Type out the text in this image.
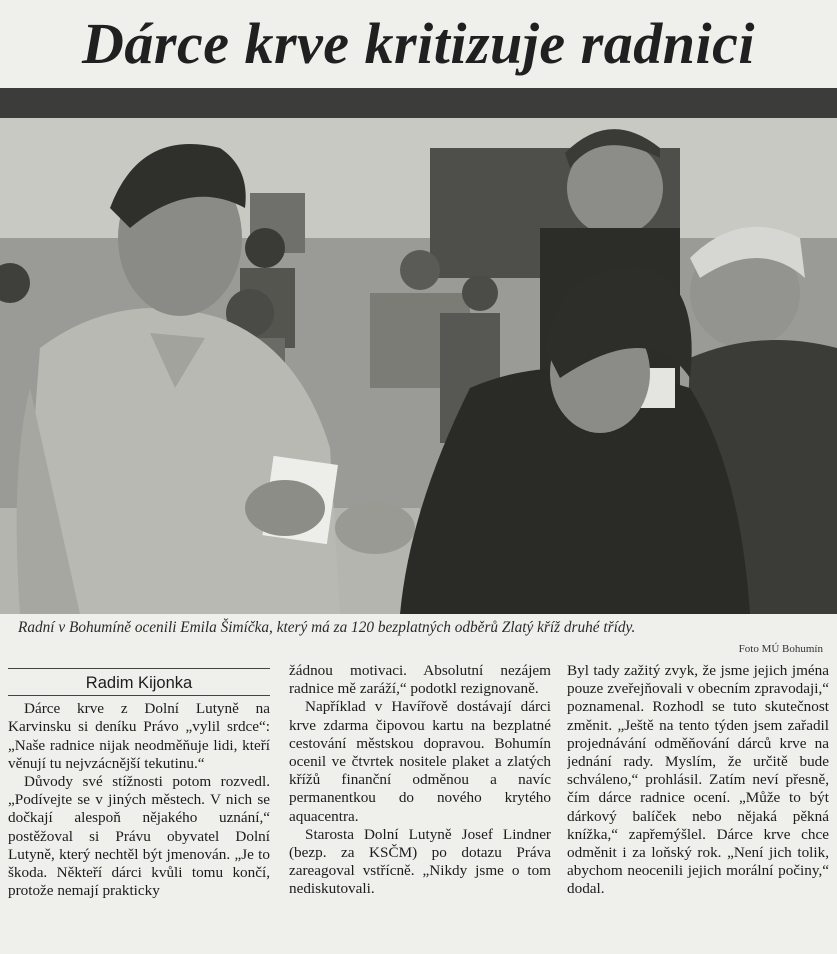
Dárce krve kritizuje radnici
Radní v Bohumíně ocenili Emila Šimíčka, který má za 120 bezplatných odběrů Zlatý kříž druhé třídy.
Foto MÚ Bohumín
Radim Kijonka

Dárce krve z Dolní Lutyně na Karvinsku si deníku Právo „vylil srdce“: „Naše radnice nijak neodměňuje lidi, kteří věnují tu nejvzácnější tekutinu.“

Důvody své stížnosti potom rozvedl. „Podívejte se v jiných městech. V nich se dočkají alespoň nějakého uznání,“ postěžoval si Právu obyvatel Dolní Lutyně, který nechtěl být jmenován. „Je to škoda. Někteří dárci kvůli tomu končí, protože nemají prakticky

žádnou motivaci. Absolutní nezájem radnice mě zaráží,“ podotkl rezignovaně.

Například v Havířově dostávají dárci krve zdarma čipovou kartu na bezplatné cestování městskou dopravou. Bohumín ocenil ve čtvrtek nositele plaket a zlatých křížů finanční odměnou a navíc permanentkou do nového krytého aquacentra.

Starosta Dolní Lutyně Josef Lindner (bezp. za KSČM) po dotazu Práva zareagoval vstřícně. „Nikdy jsme o tom nediskutovali.

Byl tady zažitý zvyk, že jsme jejich jména pouze zveřejňovali v obecním zpravodaji,“ poznamenal. Rozhodl se tuto skutečnost změnit. „Ještě na tento týden jsem zařadil projednávání odměňování dárců krve na jednání rady. Myslím, že určitě bude schváleno,“ prohlásil. Zatím neví přesně, čím dárce radnice ocení. „Může to být dárkový balíček nebo nějaká pěkná knížka,“ zapřemýšlel. Dárce krve chce odměnit i za loňský rok. „Není jich tolik, abychom neocenili jejich morální počiny,“ dodal.
